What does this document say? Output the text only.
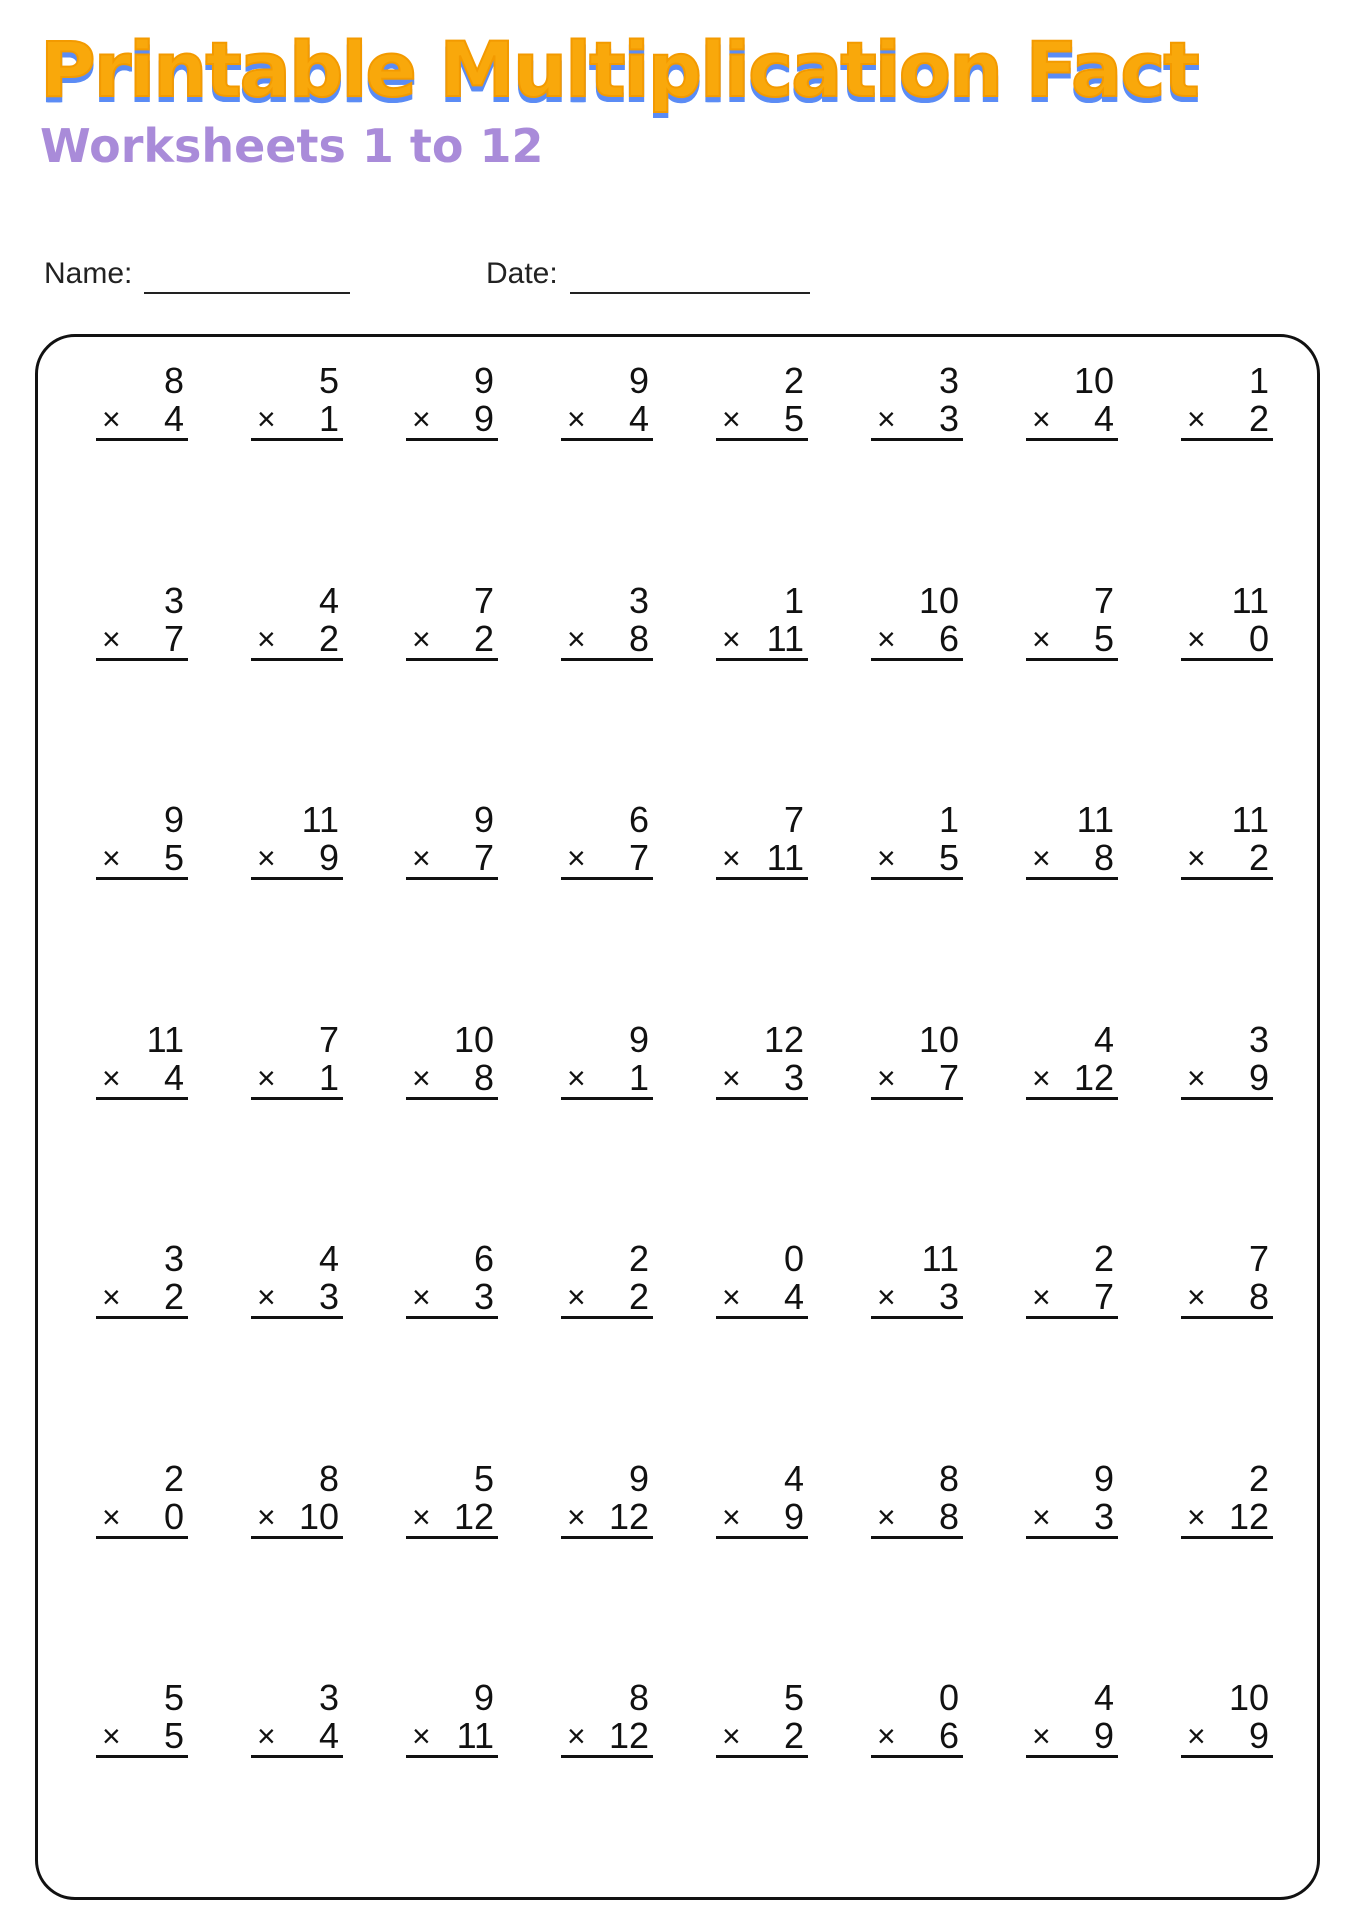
Printable Multiplication Fact
Worksheets 1 to 12
Name:	Date:
8
× 4
5
× 1
9
× 9
9
× 4
2
× 5
3
× 3
10
× 4
1
× 2
3
× 7
4
× 2
7
× 2
3
× 8
1
× 11
10
× 6
7
× 5
11
× 0
9
× 5
11
× 9
9
× 7
6
× 7
7
× 11
1
× 5
11
× 8
11
× 2
11
× 4
7
× 1
10
× 8
9
× 1
12
× 3
10
× 7
4
× 12
3
× 9
3
× 2
4
× 3
6
× 3
2
× 2
0
× 4
11
× 3
2
× 7
7
× 8
2
× 0
8
× 10
5
× 12
9
× 12
4
× 9
8
× 8
9
× 3
2
× 12
5
× 5
3
× 4
9
× 11
8
× 12
5
× 2
0
× 6
4
× 9
10
× 9
